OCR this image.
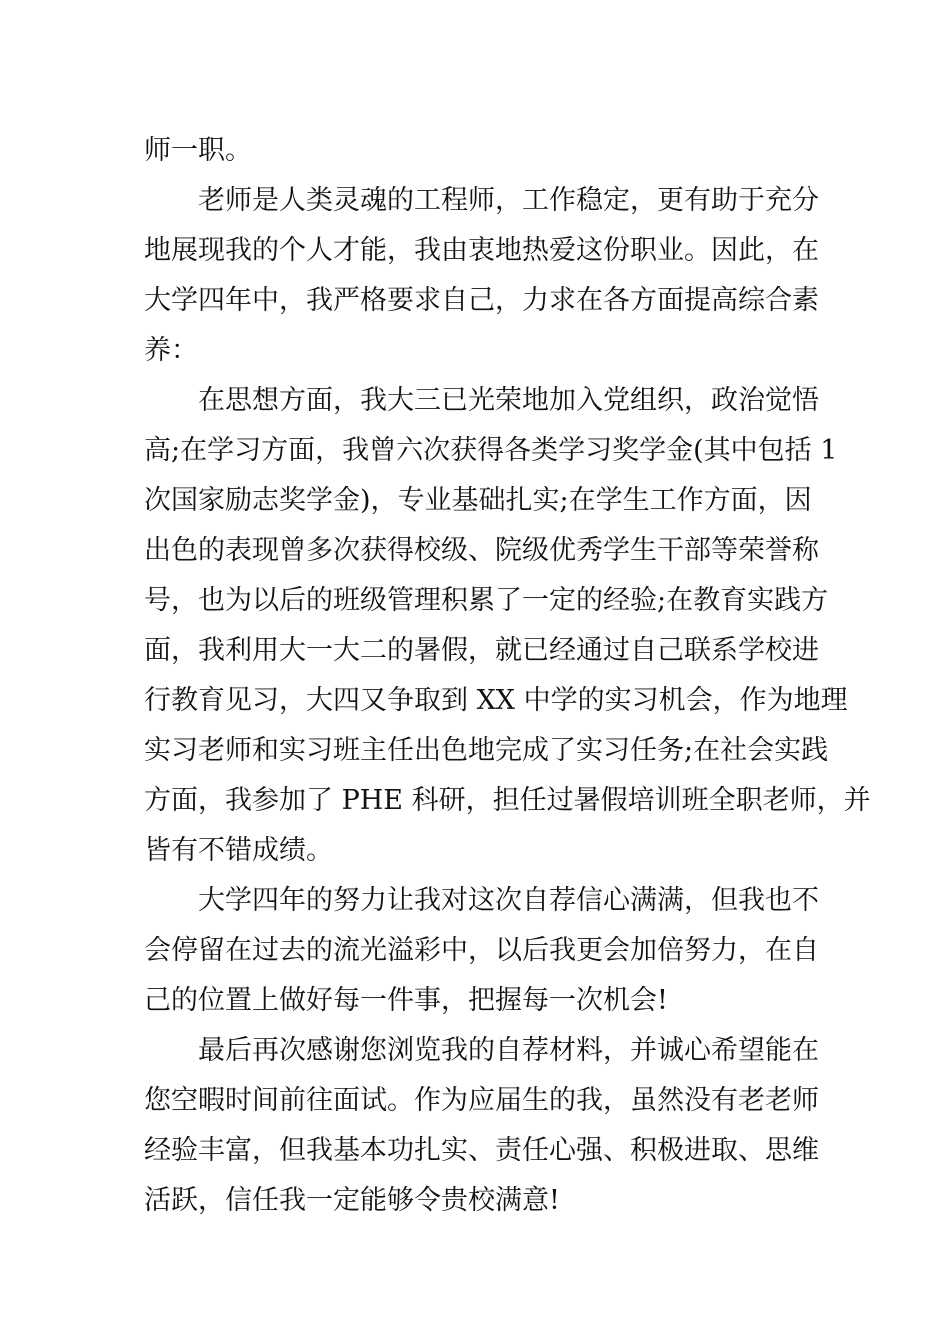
师一职。
老师是人类灵魂的工程师，工作稳定，更有助于充分
地展现我的个人才能，我由衷地热爱这份职业。因此，在
大学四年中，我严格要求自己，力求在各方面提高综合素
养：
在思想方面，我大三已光荣地加入党组织，政治觉悟
高;在学习方面，我曾六次获得各类学习奖学金(其中包括 1
次国家励志奖学金)，专业基础扎实;在学生工作方面，因
出色的表现曾多次获得校级、院级优秀学生干部等荣誉称
号，也为以后的班级管理积累了一定的经验;在教育实践方
面，我利用大一大二的暑假，就已经通过自己联系学校进
行教育见习，大四又争取到 XX 中学的实习机会，作为地理
实习老师和实习班主任出色地完成了实习任务;在社会实践
方面，我参加了 PHE 科研，担任过暑假培训班全职老师，并
皆有不错成绩。
大学四年的努力让我对这次自荐信心满满，但我也不
会停留在过去的流光溢彩中，以后我更会加倍努力，在自
己的位置上做好每一件事，把握每一次机会!
最后再次感谢您浏览我的自荐材料，并诚心希望能在
您空暇时间前往面试。作为应届生的我，虽然没有老老师
经验丰富，但我基本功扎实、责任心强、积极进取、思维
活跃，信任我一定能够令贵校满意!
